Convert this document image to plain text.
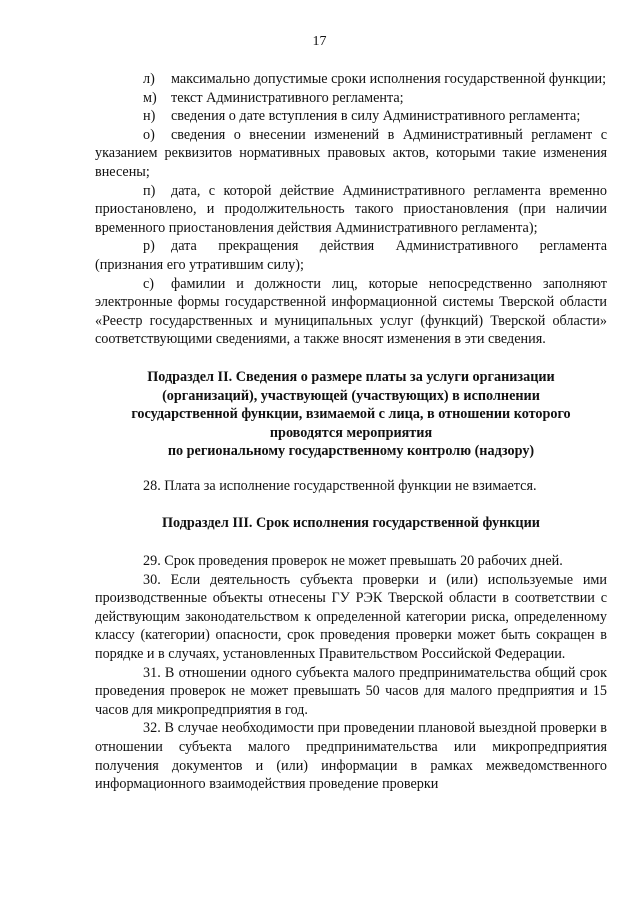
17

л) максимально допустимые сроки исполнения государственной функции;

м) текст Административного регламента;

н) сведения о дате вступления в силу Административного регламента;

о) сведения о внесении изменений в Административный регламент с указанием реквизитов нормативных правовых актов, которыми такие изменения внесены;

п) дата, с которой действие Административного регламента временно приостановлено, и продолжительность такого приостановления (при наличии временного приостановления действия Административного регламента);

р) дата прекращения действия Административного регламента (признания его утратившим силу);

с) фамилии и должности лиц, которые непосредственно заполняют электронные формы государственной информационной системы Тверской области «Реестр государственных и муниципальных услуг (функций) Тверской области» соответствующими сведениями, а также вносят изменения в эти сведения.

Подраздел II. Сведения о размере платы за услуги организации
(организаций), участвующей (участвующих) в исполнении
государственной функции, взимаемой с лица, в отношении которого
проводятся мероприятия
по региональному государственному контролю (надзору)

28. Плата за исполнение государственной функции не взимается.

Подраздел III. Срок исполнения государственной функции

29. Срок проведения проверок не может превышать 20 рабочих дней.

30. Если деятельность субъекта проверки и (или) используемые ими производственные объекты отнесены ГУ РЭК Тверской области в соответствии с действующим законодательством к определенной категории риска, определенному классу (категории) опасности, срок проведения проверки может быть сокращен в порядке и в случаях, установленных Правительством Российской Федерации.

31. В отношении одного субъекта малого предпринимательства общий срок проведения проверок не может превышать 50 часов для малого предприятия и 15 часов для микропредприятия в год.

32. В случае необходимости при проведении плановой выездной проверки в отношении субъекта малого предпринимательства или микропредприятия получения документов и (или) информации в рамках межведомственного информационного взаимодействия проведение проверки
